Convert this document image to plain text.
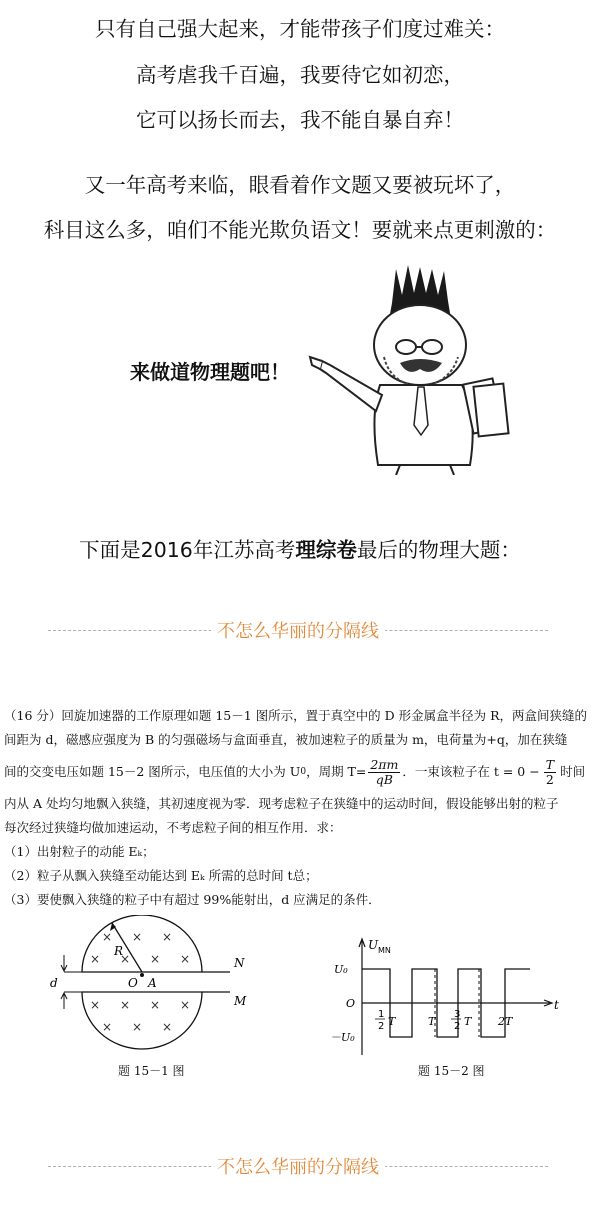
只有自己强大起来，才能带孩子们度过难关：
高考虐我千百遍，我要待它如初恋，
它可以扬长而去，我不能自暴自弃！
又一年高考来临，眼看着作文题又要被玩坏了，
科目这么多，咱们不能光欺负语文！要就来点更刺激的：
来做道物理题吧！
下面是2016年江苏高考理综卷最后的物理大题：
不怎么华丽的分隔线
（16 分）回旋加速器的工作原理如题 15－1 图所示，置于真空中的 D 形金属盒半径为 R，两盒间狭缝的
间距为 d，磁感应强度为 B 的匀强磁场与盒面垂直，被加速粒子的质量为 m，电荷量为+q，加在狭缝
间的交变电压如题 15－2 图所示，电压值的大小为 U 0 ，周期 $T= \frac{2\pi m}{qB}$ ．一束该粒子在 $t = 0 - \frac{T}{2}$ 时间
内从 A 处均匀地飘入狭缝，其初速度视为零．现考虑粒子在狭缝中的运动时间，假设能够出射的粒子
每次经过狭缝均做加速运动，不考虑粒子间的相互作用．求：
（1）出射粒子的动能 Eₖ；
（2）粒子从飘入狭缝至动能达到 Eₖ 所需的总时间 t总；
（3）要使飘入狭缝的粒子中有超过 99%能射出，d 应满足的条件．
× × ×
× × × ×
× × × ×
× × ×
R
N
M
O A
d
题 15－1 图
U MN
U₀
O
－U₀
t
1
2 T	T
3
2 T 2T
题 15－2 图
不怎么华丽的分隔线
